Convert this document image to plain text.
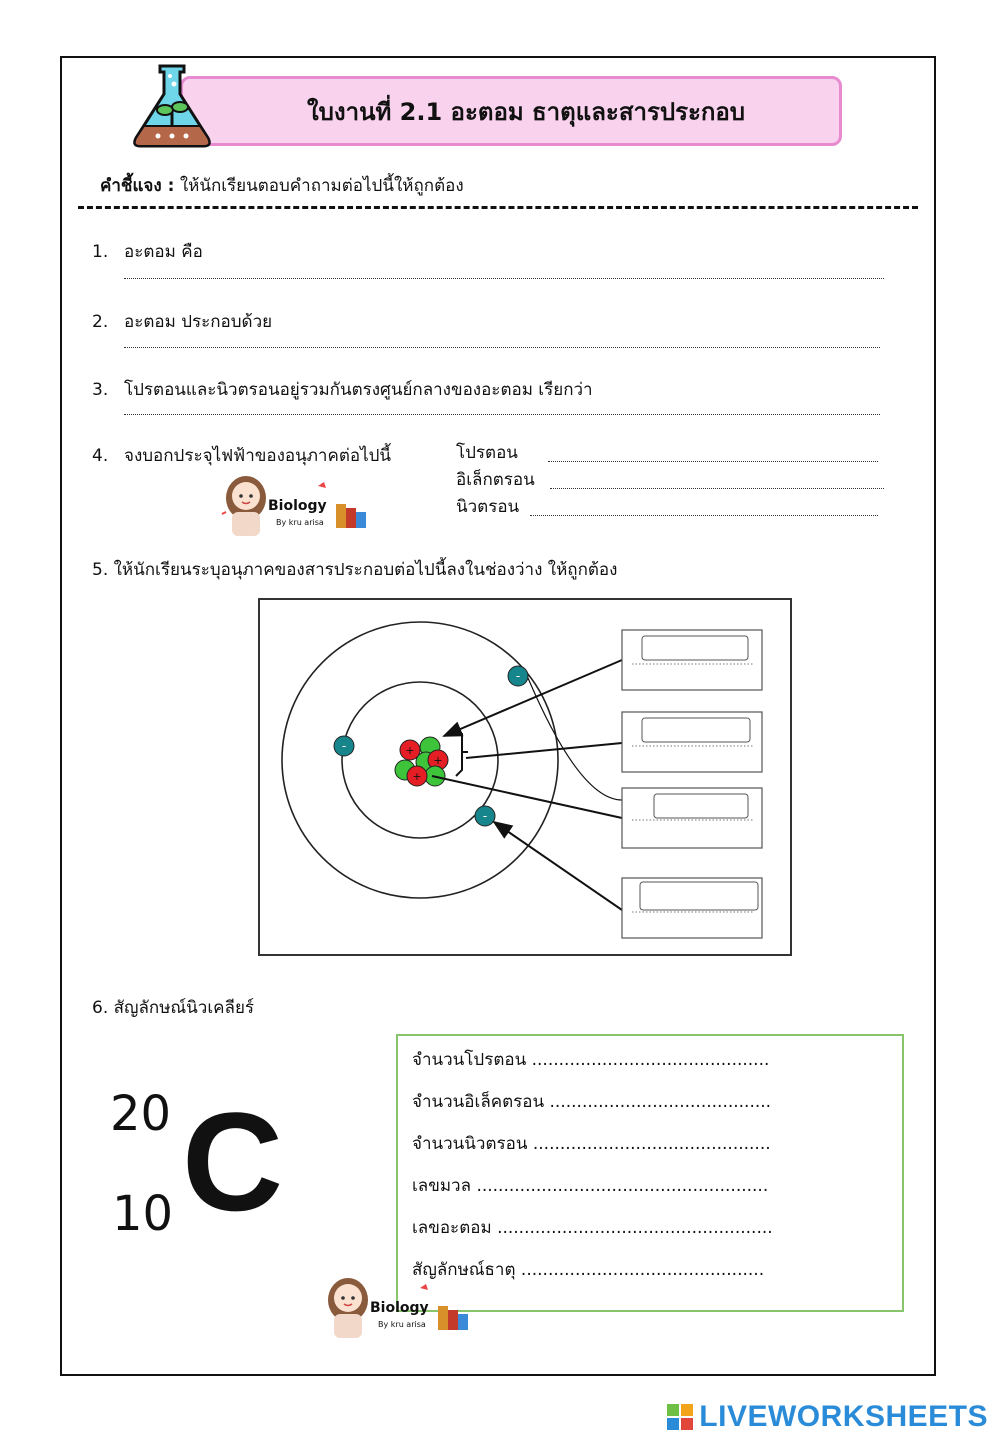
ใบงานที่ 2.1 อะตอม ธาตุและสารประกอบ
คำชี้แจง : ให้นักเรียนตอบคำถามต่อไปนี้ให้ถูกต้อง
1. อะตอม คือ
2. อะตอม ประกอบด้วย
3. โปรตอนและนิวตรอนอยู่รวมกันตรงศูนย์กลางของอะตอม เรียกว่า
4. จงบอกประจุไฟฟ้าของอนุภาคต่อไปนี้	โปรตอน
อิเล็กตรอน
นิวตรอน
Biology
By kru arisa
5. ให้นักเรียนระบุอนุภาคของสารประกอบต่อไปนี้ลงในช่องว่าง ให้ถูกต้อง
+
+
+
-
-
-
6. สัญลักษณ์นิวเคลียร์
20
10 C
จำนวนโปรตอน ............................................
จำนวนอิเล็คตรอน .........................................
จำนวนนิวตรอน ............................................
เลขมวล ......................................................
เลขอะตอม ...................................................
สัญลักษณ์ธาตุ .............................................
Biology
By kru arisa
LIVEWORKSHEETS
